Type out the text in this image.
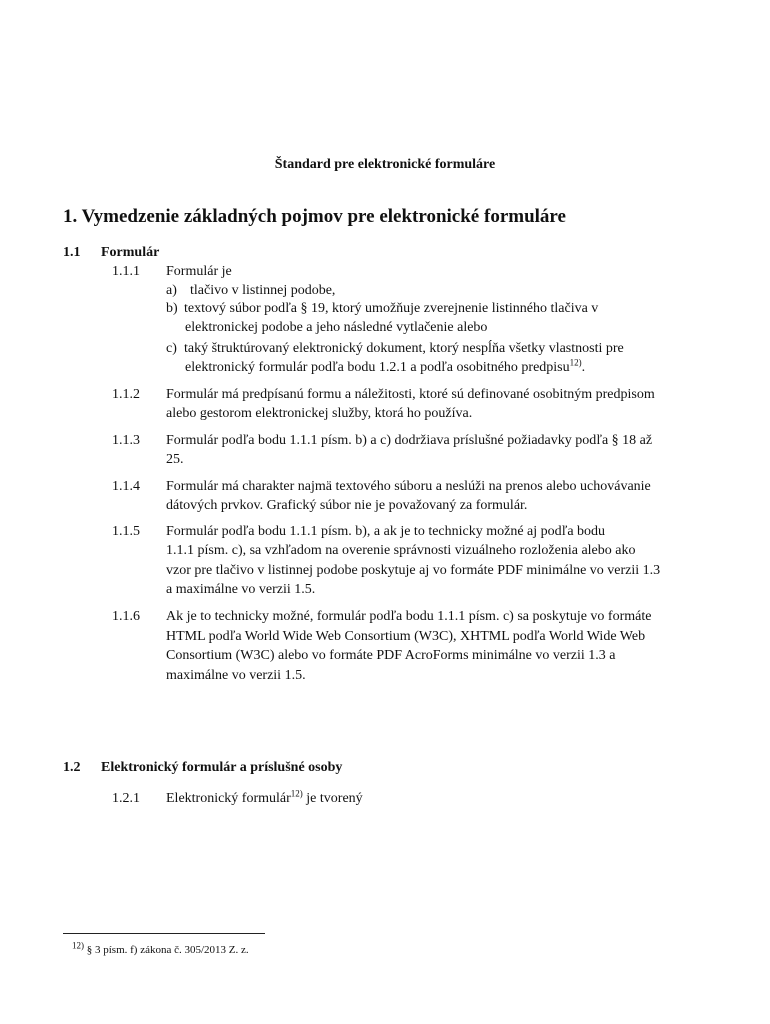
Štandard pre elektronické formuláre
1. Vymedzenie základných pojmov pre elektronické formuláre
1.1 Formulár
1.1.1 Formulár je
a) tlačivo v listinnej podobe,
b) textový súbor podľa § 19, ktorý umožňuje zverejnenie listinného tlačiva v
elektronickej podobe a jeho následné vytlačenie alebo
c) taký štruktúrovaný elektronický dokument, ktorý nespĺňa všetky vlastnosti pre
elektronický formulár podľa bodu 1.2.1 a podľa osobitného predpisu$^{12)}$.
1.1.2 Formulár má predpísanú formu a náležitosti, ktoré sú definované osobitným predpisom
alebo gestorom elektronickej služby, ktorá ho používa.
1.1.3 Formulár podľa bodu 1.1.1 písm. b) a c) dodržiava príslušné požiadavky podľa § 18 až
25.
1.1.4 Formulár má charakter najmä textového súboru a neslúži na prenos alebo uchovávanie
dátových prvkov. Grafický súbor nie je považovaný za formulár.
1.1.5 Formulár podľa bodu 1.1.1 písm. b), a ak je to technicky možné aj podľa bodu
1.1.1 písm. c), sa vzhľadom na overenie správnosti vizuálneho rozloženia alebo ako
vzor pre tlačivo v listinnej podobe poskytuje aj vo formáte PDF minimálne vo verzii 1.3
a maximálne vo verzii 1.5.
1.1.6 Ak je to technicky možné, formulár podľa bodu 1.1.1 písm. c) sa poskytuje vo formáte
HTML podľa World Wide Web Consortium (W3C), XHTML podľa World Wide Web
Consortium (W3C) alebo vo formáte PDF AcroForms minimálne vo verzii 1.3 a
maximálne vo verzii 1.5.
1.2 Elektronický formulár a príslušné osoby
1.2.1 Elektronický formulár$^{12)}$ je tvorený
$^{12)}$ § 3 písm. f) zákona č. 305/2013 Z. z.
